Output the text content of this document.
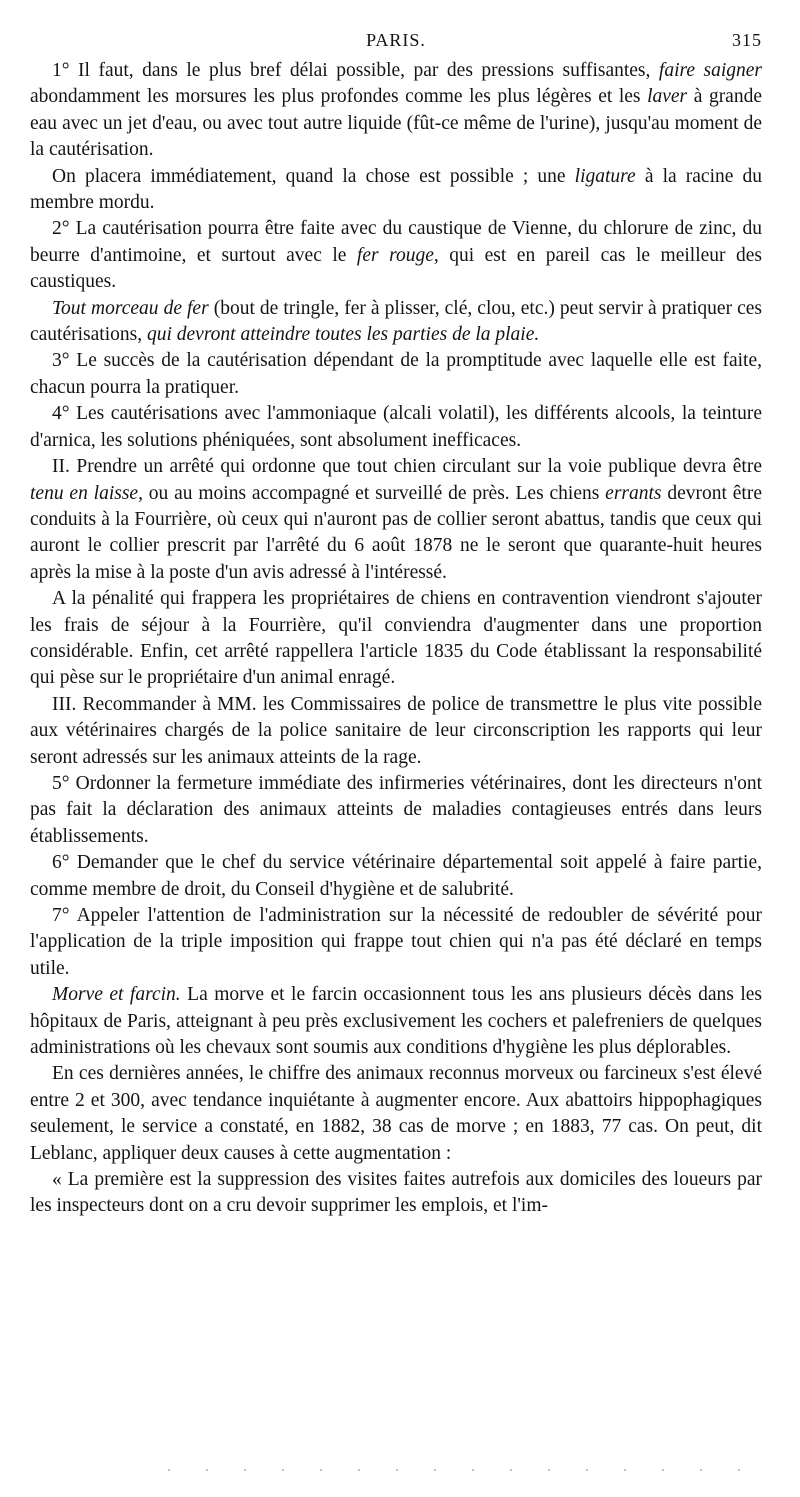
PARIS.	315

1° Il faut, dans le plus bref délai possible, par des pressions suffisantes, faire saigner abondamment les morsures les plus profondes comme les plus légères et les laver à grande eau avec un jet d'eau, ou avec tout autre liquide (fût-ce même de l'urine), jusqu'au moment de la cautérisation.

On placera immédiatement, quand la chose est possible ; une ligature à la racine du membre mordu.

2° La cautérisation pourra être faite avec du caustique de Vienne, du chlorure de zinc, du beurre d'antimoine, et surtout avec le fer rouge, qui est en pareil cas le meilleur des caustiques.

Tout morceau de fer (bout de tringle, fer à plisser, clé, clou, etc.) peut servir à pratiquer ces cautérisations, qui devront atteindre toutes les parties de la plaie.

3° Le succès de la cautérisation dépendant de la promptitude avec laquelle elle est faite, chacun pourra la pratiquer.

4° Les cautérisations avec l'ammoniaque (alcali volatil), les différents alcools, la teinture d'arnica, les solutions phéniquées, sont absolument inefficaces.

II. Prendre un arrêté qui ordonne que tout chien circulant sur la voie publique devra être tenu en laisse, ou au moins accompagné et surveillé de près. Les chiens errants devront être conduits à la Fourrière, où ceux qui n'auront pas de collier seront abattus, tandis que ceux qui auront le collier prescrit par l'arrêté du 6 août 1878 ne le seront que quarante-huit heures après la mise à la poste d'un avis adressé à l'intéressé.

A la pénalité qui frappera les propriétaires de chiens en contravention viendront s'ajouter les frais de séjour à la Fourrière, qu'il conviendra d'augmenter dans une proportion considérable. Enfin, cet arrêté rappellera l'article 1835 du Code établissant la responsabilité qui pèse sur le propriétaire d'un animal enragé.

III. Recommander à MM. les Commissaires de police de transmettre le plus vite possible aux vétérinaires chargés de la police sanitaire de leur circonscription les rapports qui leur seront adressés sur les animaux atteints de la rage.

5° Ordonner la fermeture immédiate des infirmeries vétérinaires, dont les directeurs n'ont pas fait la déclaration des animaux atteints de maladies contagieuses entrés dans leurs établissements.

6° Demander que le chef du service vétérinaire départemental soit appelé à faire partie, comme membre de droit, du Conseil d'hygiène et de salubrité.

7° Appeler l'attention de l'administration sur la nécessité de redoubler de sévérité pour l'application de la triple imposition qui frappe tout chien qui n'a pas été déclaré en temps utile.

Morve et farcin. La morve et le farcin occasionnent tous les ans plusieurs décès dans les hôpitaux de Paris, atteignant à peu près exclusivement les cochers et palefreniers de quelques administrations où les chevaux sont soumis aux conditions d'hygiène les plus déplorables.

En ces dernières années, le chiffre des animaux reconnus morveux ou farcineux s'est élevé entre 2 et 300, avec tendance inquiétante à augmenter encore. Aux abattoirs hippophagiques seulement, le service a constaté, en 1882, 38 cas de morve ; en 1883, 77 cas. On peut, dit Leblanc, appliquer deux causes à cette augmentation :

« La première est la suppression des visites faites autrefois aux domiciles des loueurs par les inspecteurs dont on a cru devoir supprimer les emplois, et l'im-
